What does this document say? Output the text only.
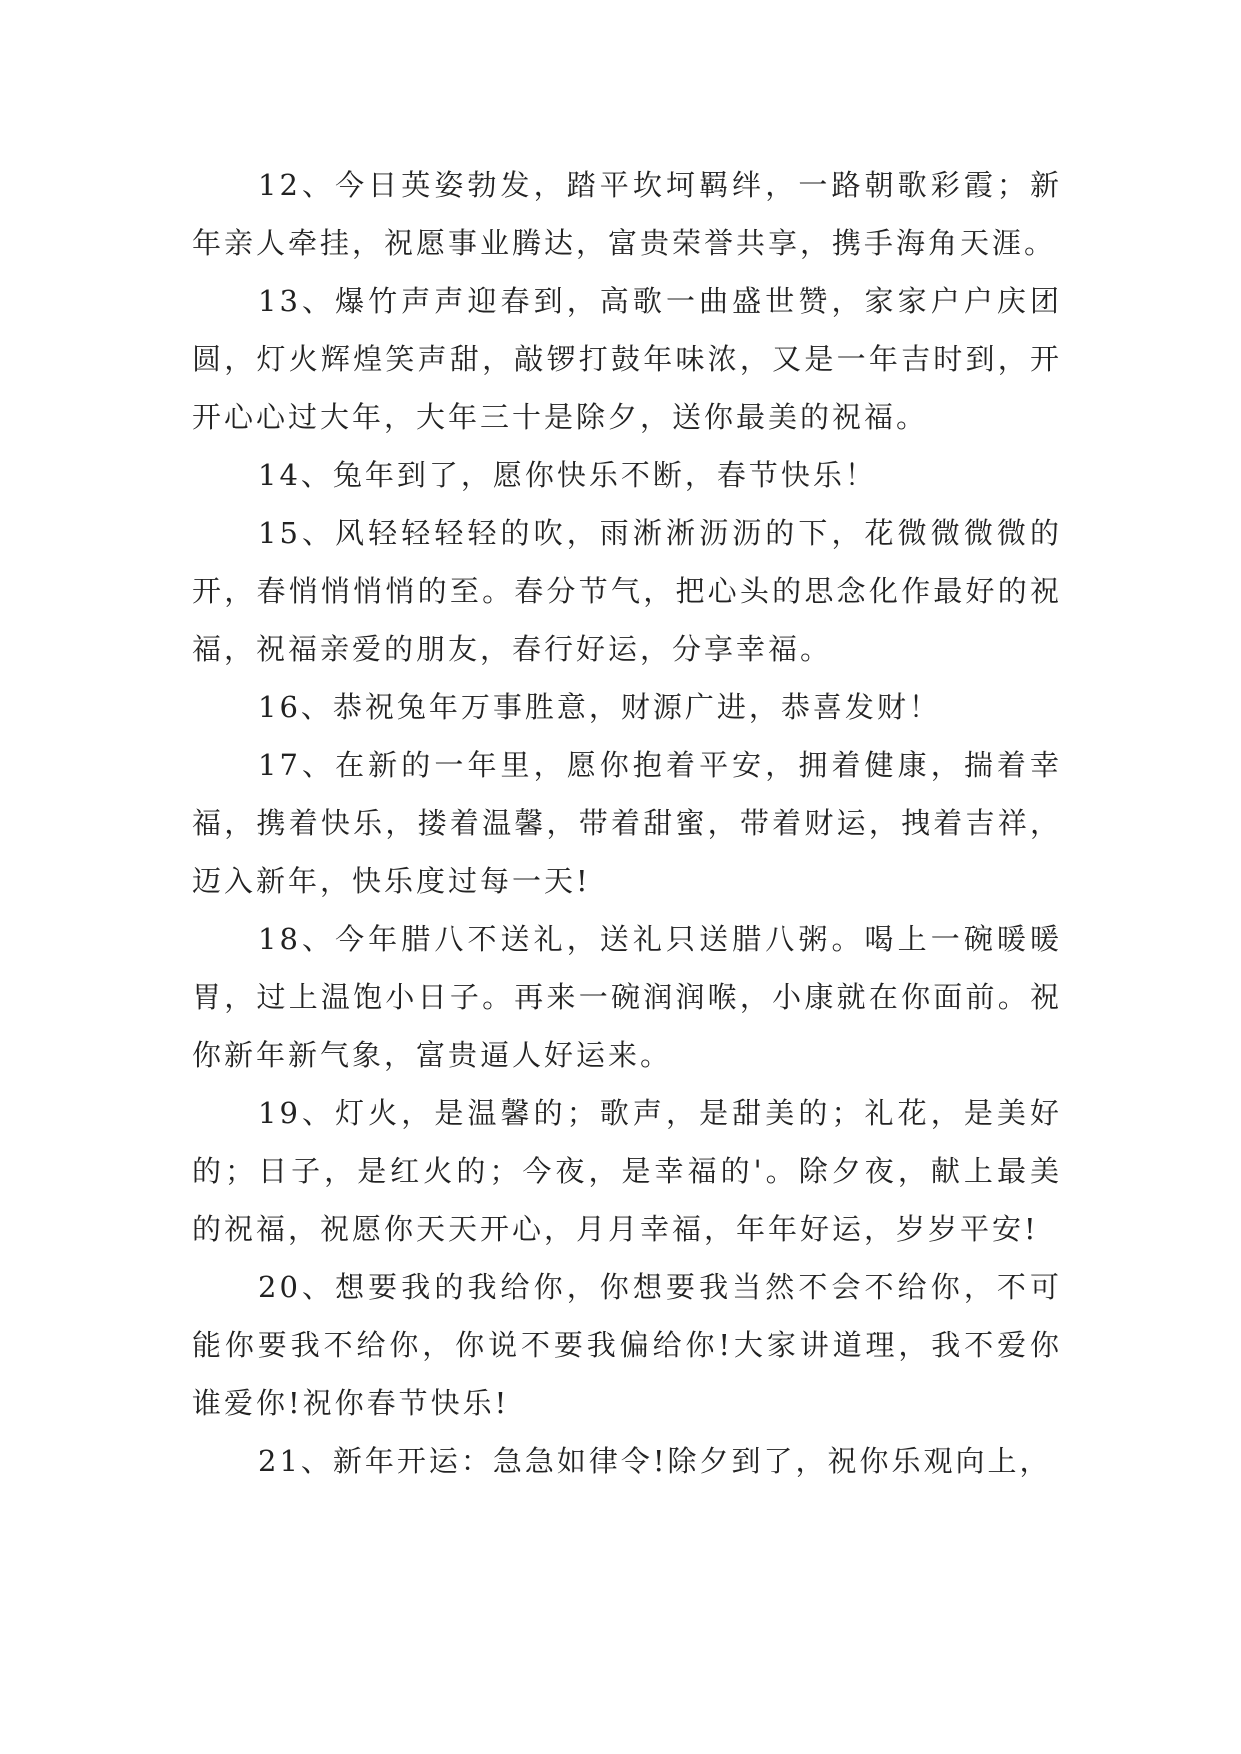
12、今日英姿勃发，踏平坎坷羁绊，一路朝歌彩霞；新年亲人牵挂，祝愿事业腾达，富贵荣誉共享，携手海角天涯。

13、爆竹声声迎春到，高歌一曲盛世赞，家家户户庆团圆，灯火辉煌笑声甜，敲锣打鼓年味浓，又是一年吉时到，开开心心过大年，大年三十是除夕，送你最美的祝福。

14、兔年到了，愿你快乐不断，春节快乐！

15、风轻轻轻轻的吹，雨淅淅沥沥的下，花微微微微的开，春悄悄悄悄的至。春分节气，把心头的思念化作最好的祝福，祝福亲爱的朋友，春行好运，分享幸福。

16、恭祝兔年万事胜意，财源广进，恭喜发财！

17、在新的一年里，愿你抱着平安，拥着健康，揣着幸福，携着快乐，搂着温馨，带着甜蜜，带着财运，拽着吉祥，迈入新年，快乐度过每一天!

18、今年腊八不送礼，送礼只送腊八粥。喝上一碗暖暖胃，过上温饱小日子。再来一碗润润喉，小康就在你面前。祝你新年新气象，富贵逼人好运来。

19、灯火，是温馨的；歌声，是甜美的；礼花，是美好的；日子，是红火的；今夜，是幸福的'。除夕夜，献上最美的祝福，祝愿你天天开心，月月幸福，年年好运，岁岁平安!

20、想要我的我给你，你想要我当然不会不给你，不可能你要我不给你，你说不要我偏给你!大家讲道理，我不爱你谁爱你!祝你春节快乐!

21、新年开运：急急如律令!除夕到了，祝你乐观向上，
